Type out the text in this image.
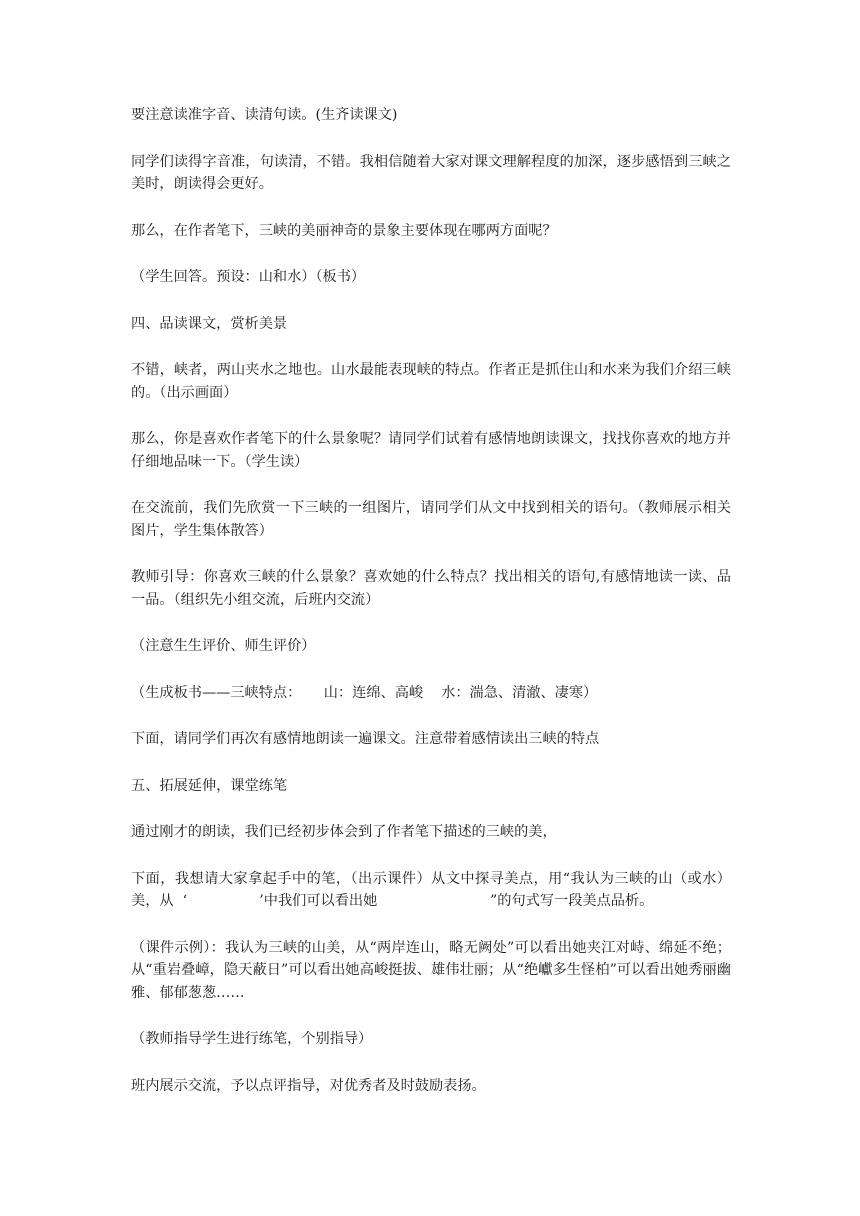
要注意读准字音、读清句读。(生齐读课文)

同学们读得字音准，句读清，不错。我相信随着大家对课文理解程度的加深，逐步感悟到三峡之美时，朗读得会更好。

那么，在作者笔下，三峡的美丽神奇的景象主要体现在哪两方面呢？

（学生回答。预设：山和水）（板书）

四、品读课文，赏析美景

不错，峡者，两山夹水之地也。山水最能表现峡的特点。作者正是抓住山和水来为我们介绍三峡的。（出示画面）

那么，你是喜欢作者笔下的什么景象呢？请同学们试着有感情地朗读课文，找找你喜欢的地方并仔细地品味一下。（学生读）

在交流前，我们先欣赏一下三峡的一组图片，请同学们从文中找到相关的语句。（教师展示相关图片，学生集体散答）

教师引导：你喜欢三峡的什么景象？喜欢她的什么特点？找出相关的语句,有感情地读一读、品一品。（组织先小组交流，后班内交流）

（注意生生评价、师生评价）

（生成板书——三峡特点：     山：连绵、高峻    水：湍急、清澈、凄寒）

下面，请同学们再次有感情地朗读一遍课文。注意带着感情读出三峡的特点

五、拓展延伸，课堂练笔

通过刚才的朗读，我们已经初步体会到了作者笔下描述的三峡的美，

下面，我想请大家拿起手中的笔，（出示课件）从文中探寻美点，用“我认为三峡的山（或水）美，从  ‘                ’中我们可以看出她                         ”的句式写一段美点品析。

（课件示例）：我认为三峡的山美，从“两岸连山，略无阙处”可以看出她夹江对峙、绵延不绝；从“重岩叠嶂，隐天蔽日”可以看出她高峻挺拔、雄伟壮丽；从“绝巘多生怪柏”可以看出她秀丽幽雅、郁郁葱葱……

（教师指导学生进行练笔，个别指导）

班内展示交流，予以点评指导，对优秀者及时鼓励表扬。
